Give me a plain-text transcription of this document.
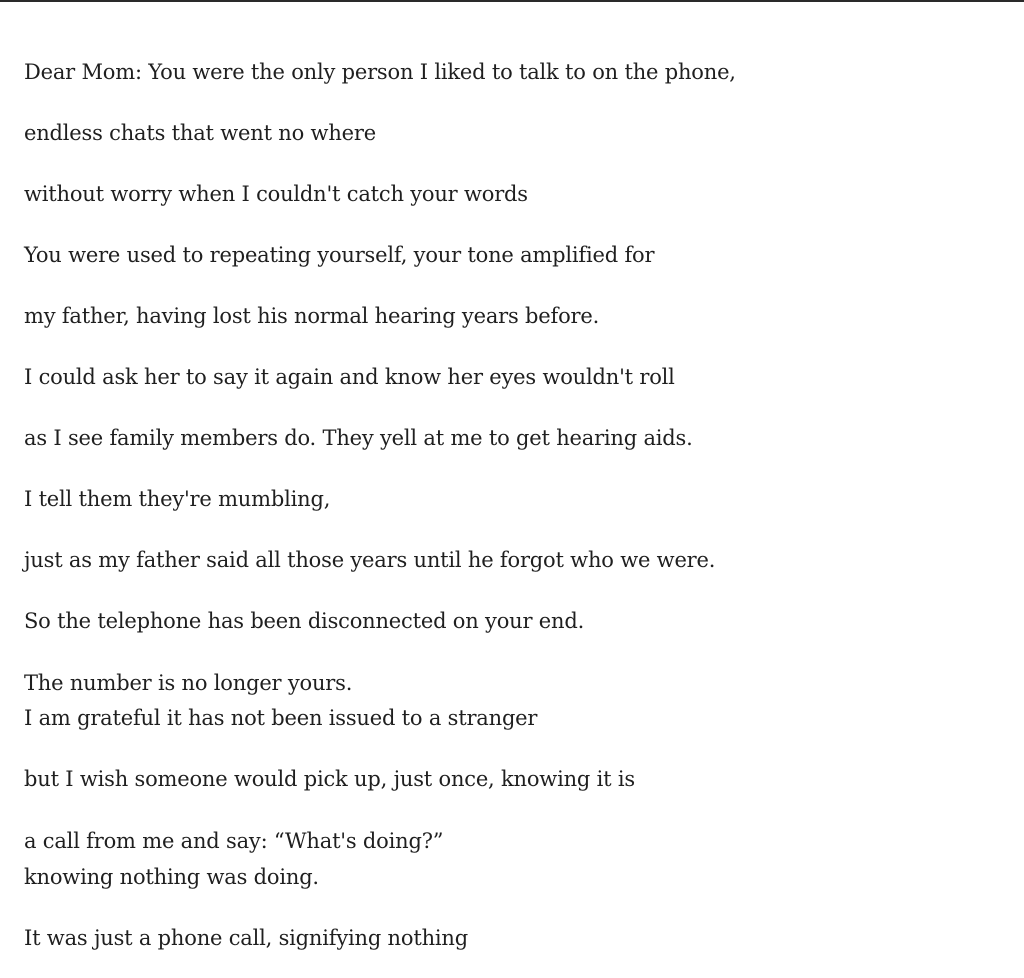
Dear Mom: You were the only person I liked to talk to on the phone,
endless chats that went no where
without worry when I couldn't catch your words
You were used to repeating yourself, your tone amplified for
my father, having lost his normal hearing years before.
I could ask her to say it again and know her eyes wouldn't roll
as I see family members do. They yell at me to get hearing aids.
I tell them they're mumbling,
just as my father said all those years until he forgot who we were.
So the telephone has been disconnected on your end.
The number is no longer yours.
I am grateful it has not been issued to a stranger
but I wish someone would pick up, just once, knowing it is
a call from me and say: “What's doing?”
knowing nothing was doing.
It was just a phone call, signifying nothing
